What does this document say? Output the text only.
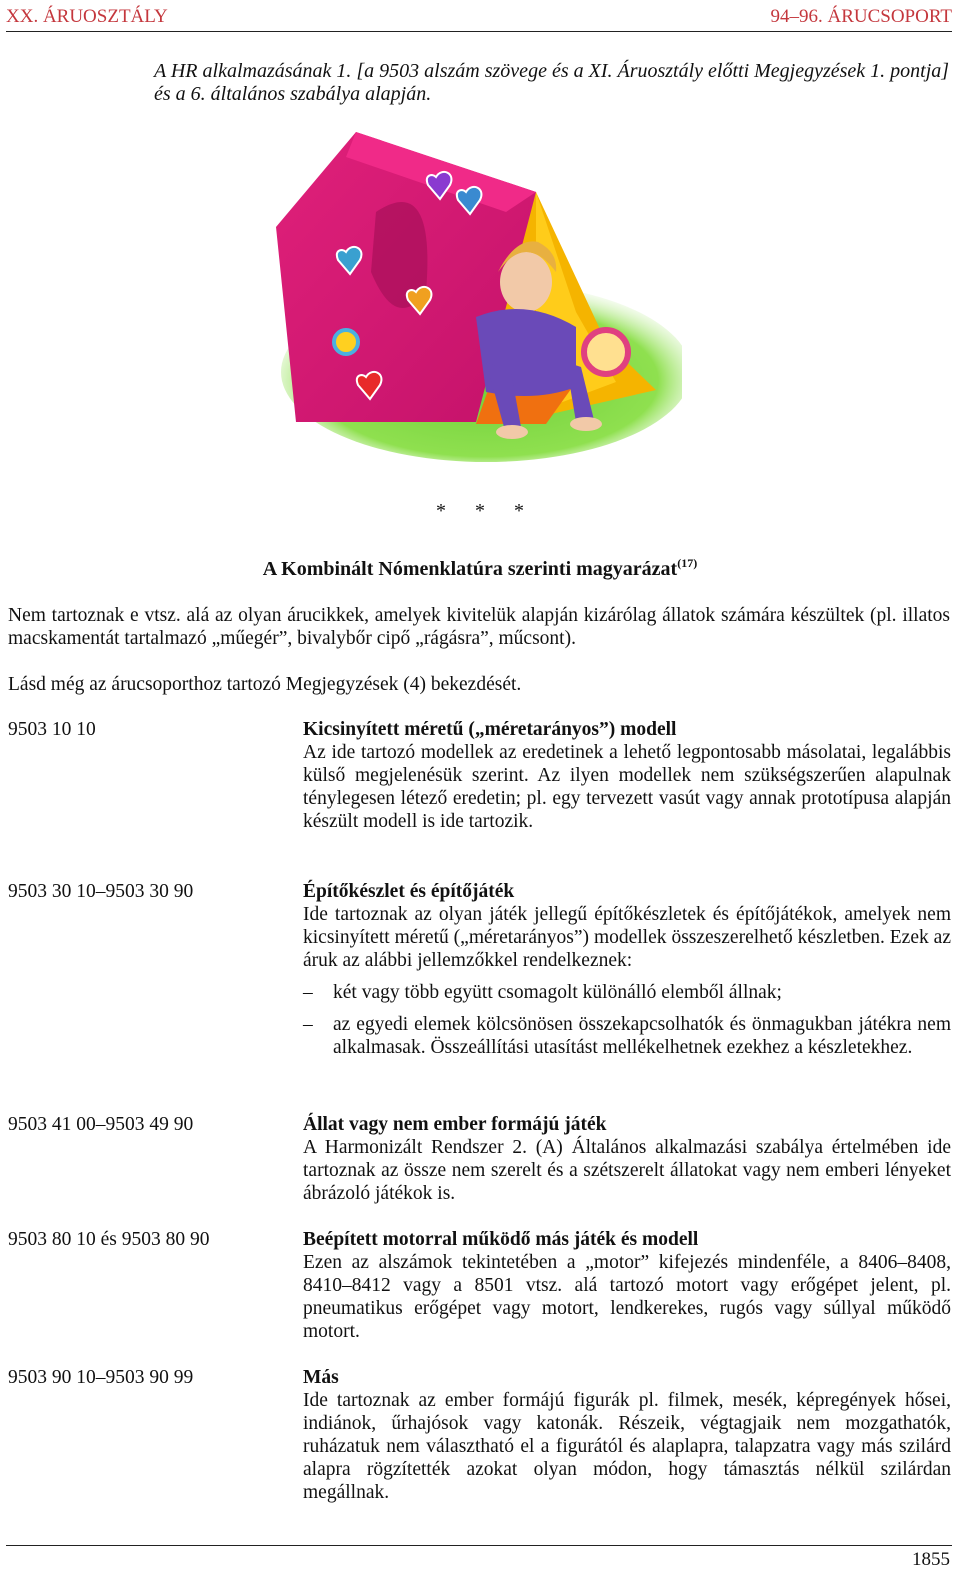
XX. ÁRUOSZTÁLY	94–96. ÁRUCSOPORT
A HR alkalmazásának 1. [a 9503 alszám szövege és a XI. Áruosztály előtti Megjegyzések 1. pontja] és a 6. általános szabálya alapján.
* * *
A Kombinált Nómenklatúra szerinti magyarázat$^{(17)}$
Nem tartoznak e vtsz. alá az olyan árucikkek, amelyek kivitelük alapján kizárólag állatok számára készültek (pl. illatos macskamentát tartalmazó „műegér”, bivalybőr cipő „rágásra”, műcsont).
Lásd még az árucsoporthoz tartozó Megjegyzések (4) bekezdését.
9503 10 10	Kicsinyített méretű („méretarányos”) modell
Az ide tartozó modellek az eredetinek a lehető legpontosabb másolatai, legalábbis külső megjelenésük szerint. Az ilyen modellek nem szükségszerűen alapulnak ténylegesen létező eredetin; pl. egy tervezett vasút vagy annak prototípusa alapján készült modell is ide tartozik.
9503 30 10–9503 30 90	Építőkészlet és építőjáték
Ide tartoznak az olyan játék jellegű építőkészletek és építőjátékok, amelyek nem kicsinyített méretű („méretarányos”) modellek összeszerelhető készletben. Ezek az áruk az alábbi jellemzőkkel rendelkeznek:
–	két vagy több együtt csomagolt különálló elemből állnak;
–	az egyedi elemek kölcsönösen összekapcsolhatók és önmagukban játékra nem alkalmasak. Összeállítási utasítást mellékelhetnek ezekhez a készletekhez.
9503 41 00–9503 49 90	Állat vagy nem ember formájú játék
A Harmonizált Rendszer 2. (A) Általános alkalmazási szabálya értelmében ide tartoznak az össze nem szerelt és a szétszerelt állatokat vagy nem emberi lényeket ábrázoló játékok is.
9503 80 10 és 9503 80 90	Beépített motorral működő más játék és modell
Ezen az alszámok tekintetében a „motor” kifejezés mindenféle, a 8406–8408, 8410–8412 vagy a 8501 vtsz. alá tartozó motort vagy erőgépet jelent, pl. pneumatikus erőgépet vagy motort, lendkerekes, rugós vagy súllyal működő motort.
9503 90 10–9503 90 99	Más
Ide tartoznak az ember formájú figurák pl. filmek, mesék, képregények hősei, indiánok, űrhajósok vagy katonák. Részeik, végtagjaik nem mozgathatók, ruházatuk nem választható el a figurától és alaplapra, talapzatra vagy más szilárd alapra rögzítették azokat olyan módon, hogy támasztás nélkül szilárdan megállnak.
1855
